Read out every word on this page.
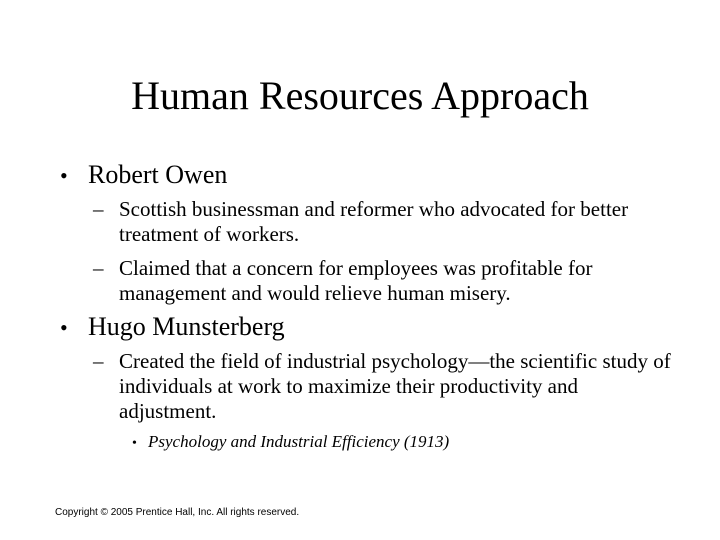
Human Resources Approach
• Robert Owen
– Scottish businessman and reformer who advocated for better treatment of workers.
– Claimed that a concern for employees was profitable for management and would relieve human misery.
• Hugo Munsterberg
– Created the field of industrial psychology—the scientific study of individuals at work to maximize their productivity and adjustment.
• Psychology and Industrial Efficiency (1913)
Copyright © 2005 Prentice Hall, Inc. All rights reserved.
